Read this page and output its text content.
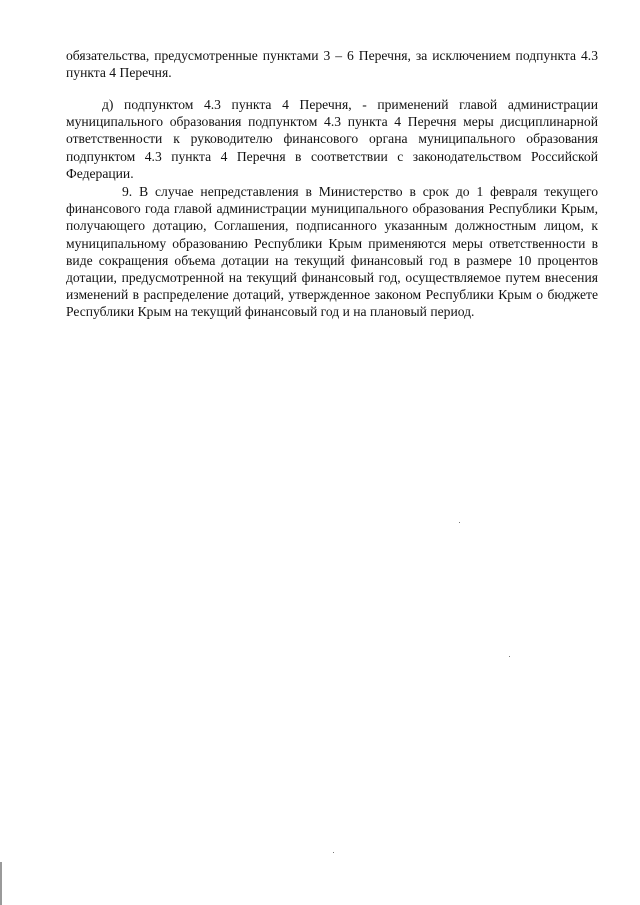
обязательства, предусмотренные пунктами 3 – 6 Перечня, за исключением подпункта 4.3 пункта 4 Перечня.

д) подпунктом 4.3 пункта 4 Перечня, - применений главой администрации муниципального образования подпунктом 4.3 пункта 4 Перечня меры дисциплинарной ответственности к руководителю финансового органа муниципального образования подпунктом 4.3 пункта 4 Перечня в соответствии с законодательством Российской Федерации.

9. В случае непредставления в Министерство в срок до 1 февраля текущего финансового года главой администрации муниципального образования Республики Крым, получающего дотацию, Соглашения, подписанного указанным должностным лицом, к муниципальному образованию Республики Крым применяются меры ответственности в виде сокращения объема дотации на текущий финансовый год в размере 10 процентов дотации, предусмотренной на текущий финансовый год, осуществляемое путем внесения изменений в распределение дотаций, утвержденное законом Республики Крым о бюджете Республики Крым на текущий финансовый год и на плановый период.
